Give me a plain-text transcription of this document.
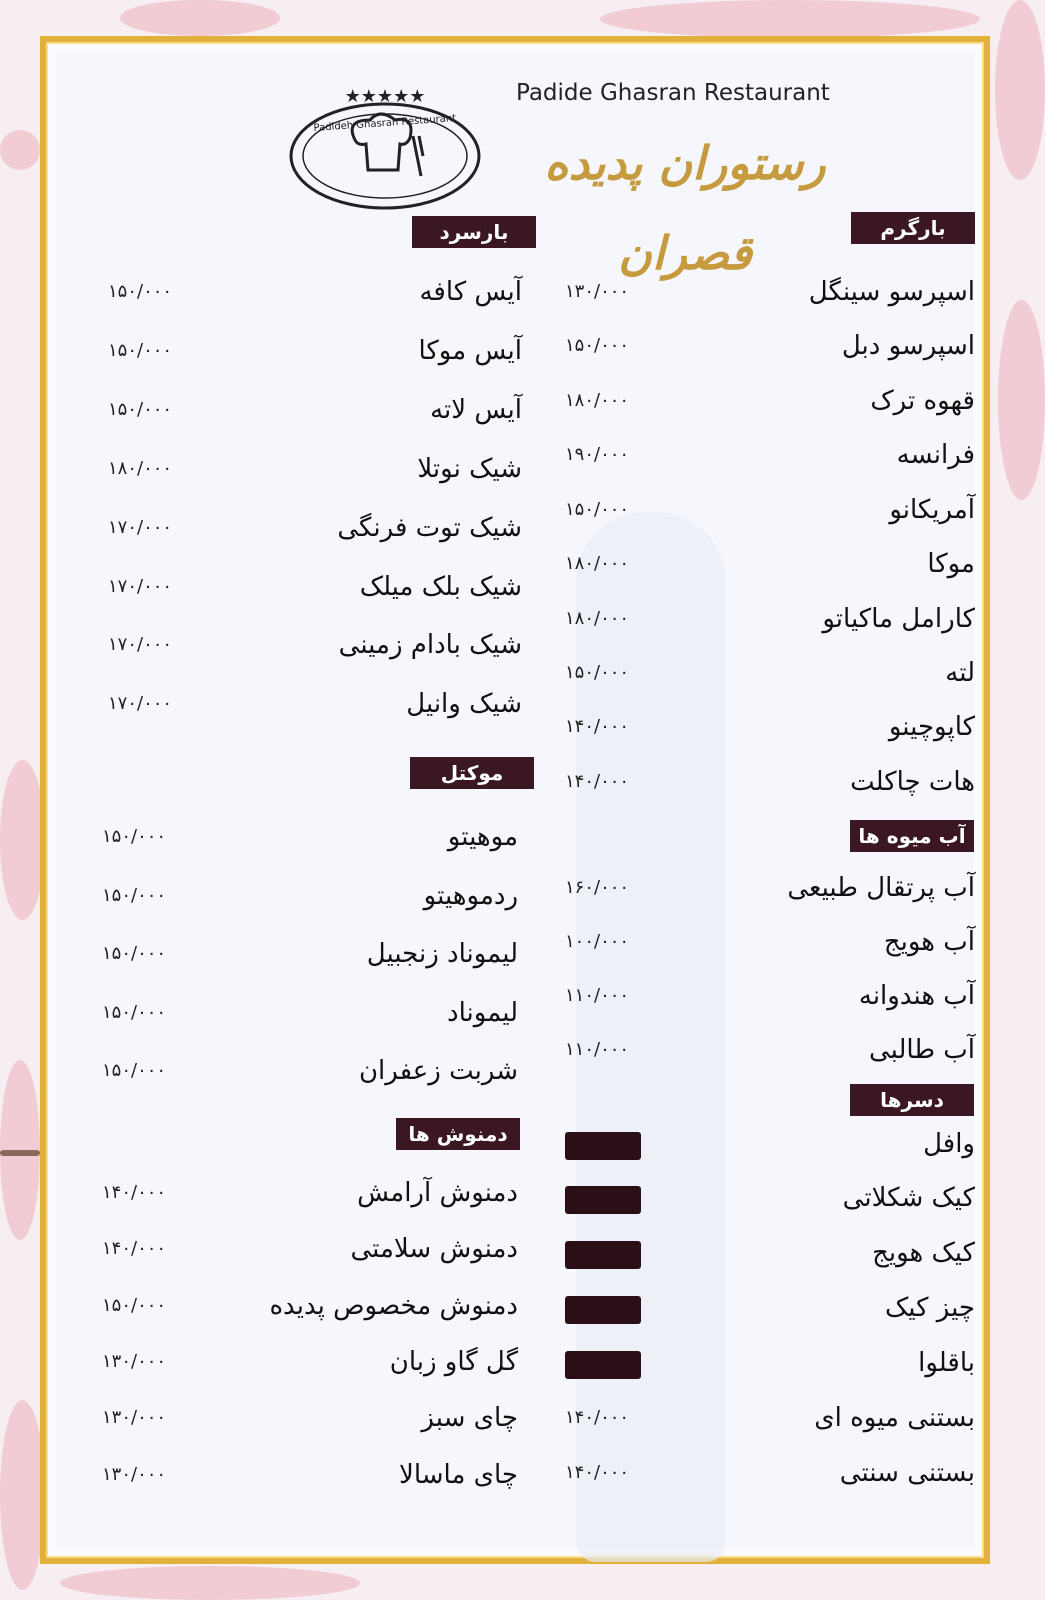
★★★★★
Padideh Ghasran Restaurant
Padide Ghasran Restaurant
رستوران پدیده قصران	بارگرم
اسپرسو سینگل
۱۳۰/۰۰۰
اسپرسو دبل
۱۵۰/۰۰۰
قهوه ترک
۱۸۰/۰۰۰
فرانسه
۱۹۰/۰۰۰
آمریکانو
۱۵۰/۰۰۰
موکا
۱۸۰/۰۰۰
کارامل ماکیاتو
۱۸۰/۰۰۰
لته
۱۵۰/۰۰۰
کاپوچینو
۱۴۰/۰۰۰
هات چاکلت
۱۴۰/۰۰۰
آب میوه ها
آب پرتقال طبیعی
۱۶۰/۰۰۰
آب هویج
۱۰۰/۰۰۰
آب هندوانه
۱۱۰/۰۰۰
آب طالبی
۱۱۰/۰۰۰
دسرها
وافل
کیک شکلاتی
کیک هویج
چیز کیک
باقلوا
بستنی میوه ای
۱۴۰/۰۰۰
بستنی سنتی
۱۴۰/۰۰۰
بارسرد
آیس کافه
۱۵۰/۰۰۰
آیس موکا
۱۵۰/۰۰۰
آیس لاته
۱۵۰/۰۰۰
شیک نوتلا
۱۸۰/۰۰۰
شیک توت فرنگی
۱۷۰/۰۰۰
شیک بلک میلک
۱۷۰/۰۰۰
شیک بادام زمینی
۱۷۰/۰۰۰
شیک وانیل
۱۷۰/۰۰۰
موکتل
موهیتو
۱۵۰/۰۰۰
ردموهیتو
۱۵۰/۰۰۰
لیموناد زنجبیل
۱۵۰/۰۰۰
لیموناد
۱۵۰/۰۰۰
شربت زعفران
۱۵۰/۰۰۰
دمنوش ها
دمنوش آرامش
۱۴۰/۰۰۰
دمنوش سلامتی
۱۴۰/۰۰۰
دمنوش مخصوص پدیده
۱۵۰/۰۰۰
گل گاو زبان
۱۳۰/۰۰۰
چای سبز
۱۳۰/۰۰۰
چای ماسالا
۱۳۰/۰۰۰
